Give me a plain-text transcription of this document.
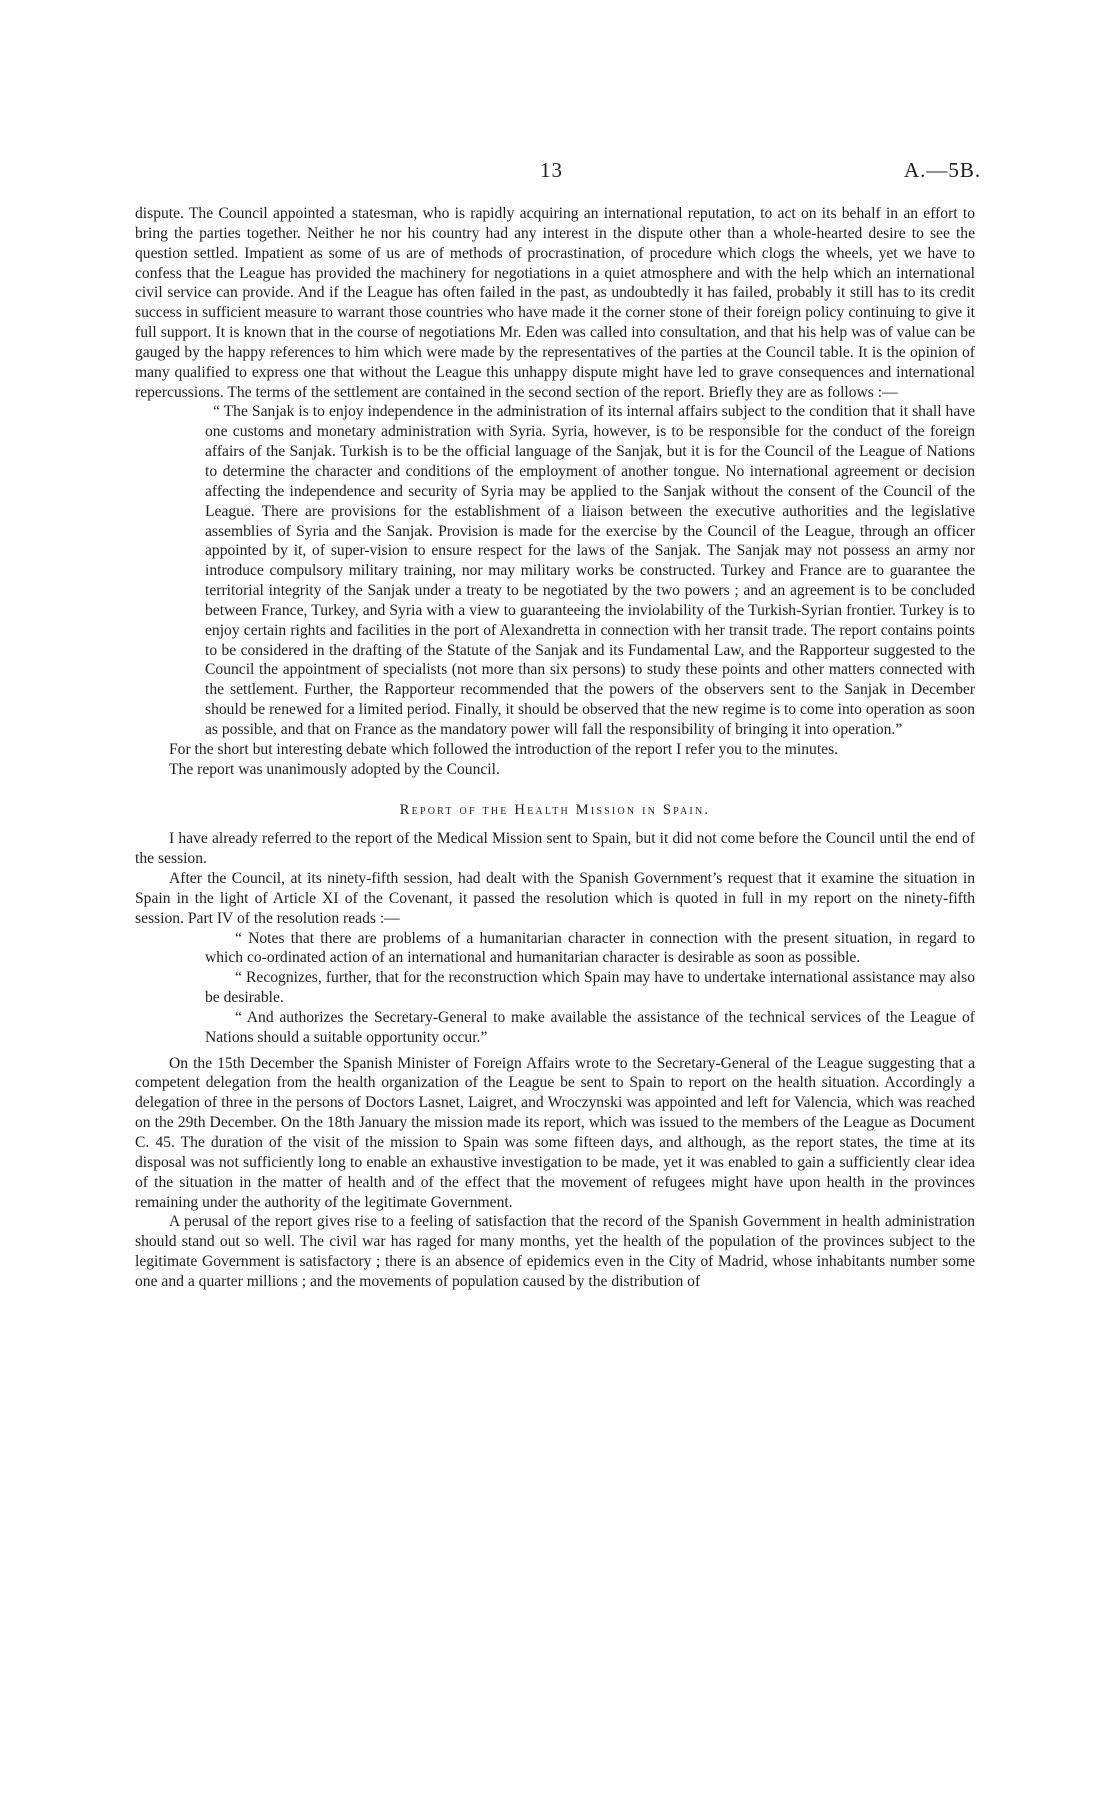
13	A.—5B.

dispute. The Council appointed a statesman, who is rapidly acquiring an international reputation, to act on its behalf in an effort to bring the parties together. Neither he nor his country had any interest in the dispute other than a whole-hearted desire to see the question settled. Impatient as some of us are of methods of procrastination, of procedure which clogs the wheels, yet we have to confess that the League has provided the machinery for negotiations in a quiet atmosphere and with the help which an international civil service can provide. And if the League has often failed in the past, as undoubtedly it has failed, probably it still has to its credit success in sufficient measure to warrant those countries who have made it the corner stone of their foreign policy continuing to give it full support. It is known that in the course of negotiations Mr. Eden was called into consultation, and that his help was of value can be gauged by the happy references to him which were made by the representatives of the parties at the Council table. It is the opinion of many qualified to express one that without the League this unhappy dispute might have led to grave consequences and international repercussions. The terms of the settlement are contained in the second section of the report. Briefly they are as follows :—

“ The Sanjak is to enjoy independence in the administration of its internal affairs subject to the condition that it shall have one customs and monetary administration with Syria. Syria, however, is to be responsible for the conduct of the foreign affairs of the Sanjak. Turkish is to be the official language of the Sanjak, but it is for the Council of the League of Nations to determine the character and conditions of the employment of another tongue. No international agreement or decision affecting the independence and security of Syria may be applied to the Sanjak without the consent of the Council of the League. There are provisions for the establishment of a liaison between the executive authorities and the legislative assemblies of Syria and the Sanjak. Provision is made for the exercise by the Council of the League, through an officer appointed by it, of super-vision to ensure respect for the laws of the Sanjak. The Sanjak may not possess an army nor introduce compulsory military training, nor may military works be constructed. Turkey and France are to guarantee the territorial integrity of the Sanjak under a treaty to be negotiated by the two powers ; and an agreement is to be concluded between France, Turkey, and Syria with a view to guaranteeing the inviolability of the Turkish-Syrian frontier. Turkey is to enjoy certain rights and facilities in the port of Alexandretta in connection with her transit trade. The report contains points to be considered in the drafting of the Statute of the Sanjak and its Fundamental Law, and the Rapporteur suggested to the Council the appointment of specialists (not more than six persons) to study these points and other matters connected with the settlement. Further, the Rapporteur recommended that the powers of the observers sent to the Sanjak in December should be renewed for a limited period. Finally, it should be observed that the new regime is to come into operation as soon as possible, and that on France as the mandatory power will fall the responsibility of bringing it into operation.”

For the short but interesting debate which followed the introduction of the report I refer you to the minutes.

The report was unanimously adopted by the Council.

Report of the Health Mission in Spain.

I have already referred to the report of the Medical Mission sent to Spain, but it did not come before the Council until the end of the session.

After the Council, at its ninety-fifth session, had dealt with the Spanish Government’s request that it examine the situation in Spain in the light of Article XI of the Covenant, it passed the resolution which is quoted in full in my report on the ninety-fifth session. Part IV of the resolution reads :—

“ Notes that there are problems of a humanitarian character in connection with the present situation, in regard to which co-ordinated action of an international and humanitarian character is desirable as soon as possible.

“ Recognizes, further, that for the reconstruction which Spain may have to undertake international assistance may also be desirable.

“ And authorizes the Secretary-General to make available the assistance of the technical services of the League of Nations should a suitable opportunity occur.”

On the 15th December the Spanish Minister of Foreign Affairs wrote to the Secretary-General of the League suggesting that a competent delegation from the health organization of the League be sent to Spain to report on the health situation. Accordingly a delegation of three in the persons of Doctors Lasnet, Laigret, and Wroczynski was appointed and left for Valencia, which was reached on the 29th December. On the 18th January the mission made its report, which was issued to the members of the League as Document C. 45. The duration of the visit of the mission to Spain was some fifteen days, and although, as the report states, the time at its disposal was not sufficiently long to enable an exhaustive investigation to be made, yet it was enabled to gain a sufficiently clear idea of the situation in the matter of health and of the effect that the movement of refugees might have upon health in the provinces remaining under the authority of the legitimate Government.

A perusal of the report gives rise to a feeling of satisfaction that the record of the Spanish Government in health administration should stand out so well. The civil war has raged for many months, yet the health of the population of the provinces subject to the legitimate Government is satisfactory ; there is an absence of epidemics even in the City of Madrid, whose inhabitants number some one and a quarter millions ; and the movements of population caused by the distribution of
